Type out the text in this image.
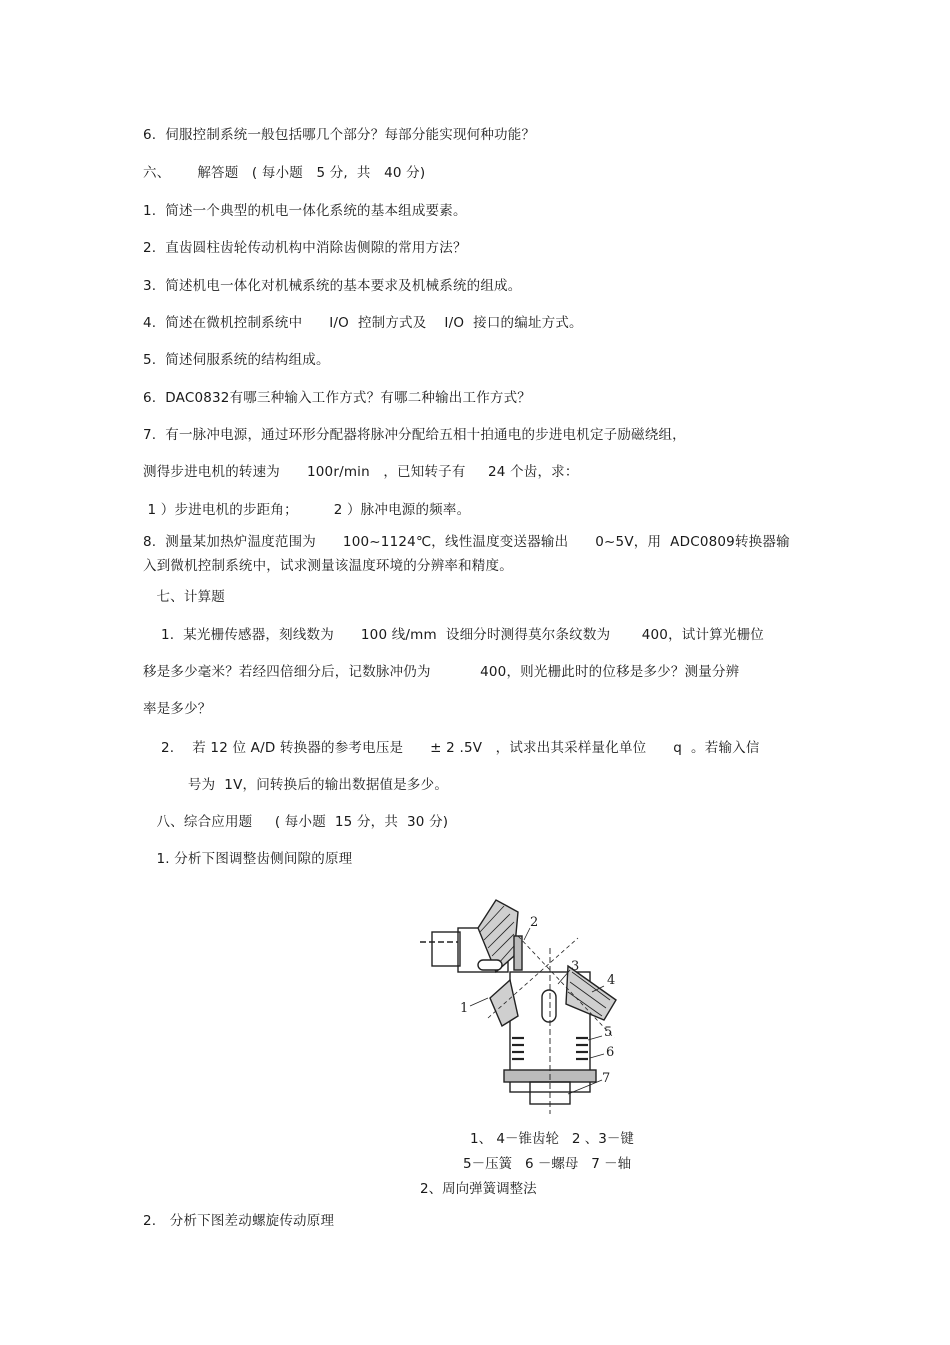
6.  伺服控制系统一般包括哪几个部分？每部分能实现何种功能？
六、      解答题   ( 每小题   5 分,  共   40 分)
1.  简述一个典型的机电一体化系统的基本组成要素。
2.  直齿圆柱齿轮传动机构中消除齿侧隙的常用方法？
3.  简述机电一体化对机械系统的基本要求及机械系统的组成。
4.  简述在微机控制系统中      I/O  控制方式及    I/O  接口的编址方式。
5.  简述伺服系统的结构组成。
6.  DAC0832有哪三种输入工作方式？有哪二种输出工作方式？
7.  有一脉冲电源，通过环形分配器将脉冲分配给五相十拍通电的步进电机定子励磁绕组，
测得步进电机的转速为      100r/min   ，已知转子有     24 个齿，求：
1 ）步进电机的步距角；        2 ）脉冲电源的频率。
8.  测量某加热炉温度范围为      100~1124℃，线性温度变送器输出      0~5V，用  ADC0809转换器输
入到微机控制系统中，试求测量该温度环境的分辨率和精度。
七、计算题
1.  某光栅传感器，刻线数为      100 线/mm  设细分时测得莫尔条纹数为       400，试计算光栅位
移是多少毫米？若经四倍细分后，记数脉冲仍为           400，则光栅此时的位移是多少？测量分辨
率是多少？
2.    若 12 位 A/D 转换器的参考电压是      ± 2 .5V   ，试求出其采样量化单位      q  。若输入信
号为  1V，问转换后的输出数据值是多少。
八、综合应用题     ( 每小题  15 分，共  30 分)
1. 分析下图调整齿侧间隙的原理
2
3
4
1
5
6
7
1、 4－锥齿轮   2 、3－键
5－压簧   6 －螺母   7 －轴
2、周向弹簧调整法
2.   分析下图差动螺旋传动原理
